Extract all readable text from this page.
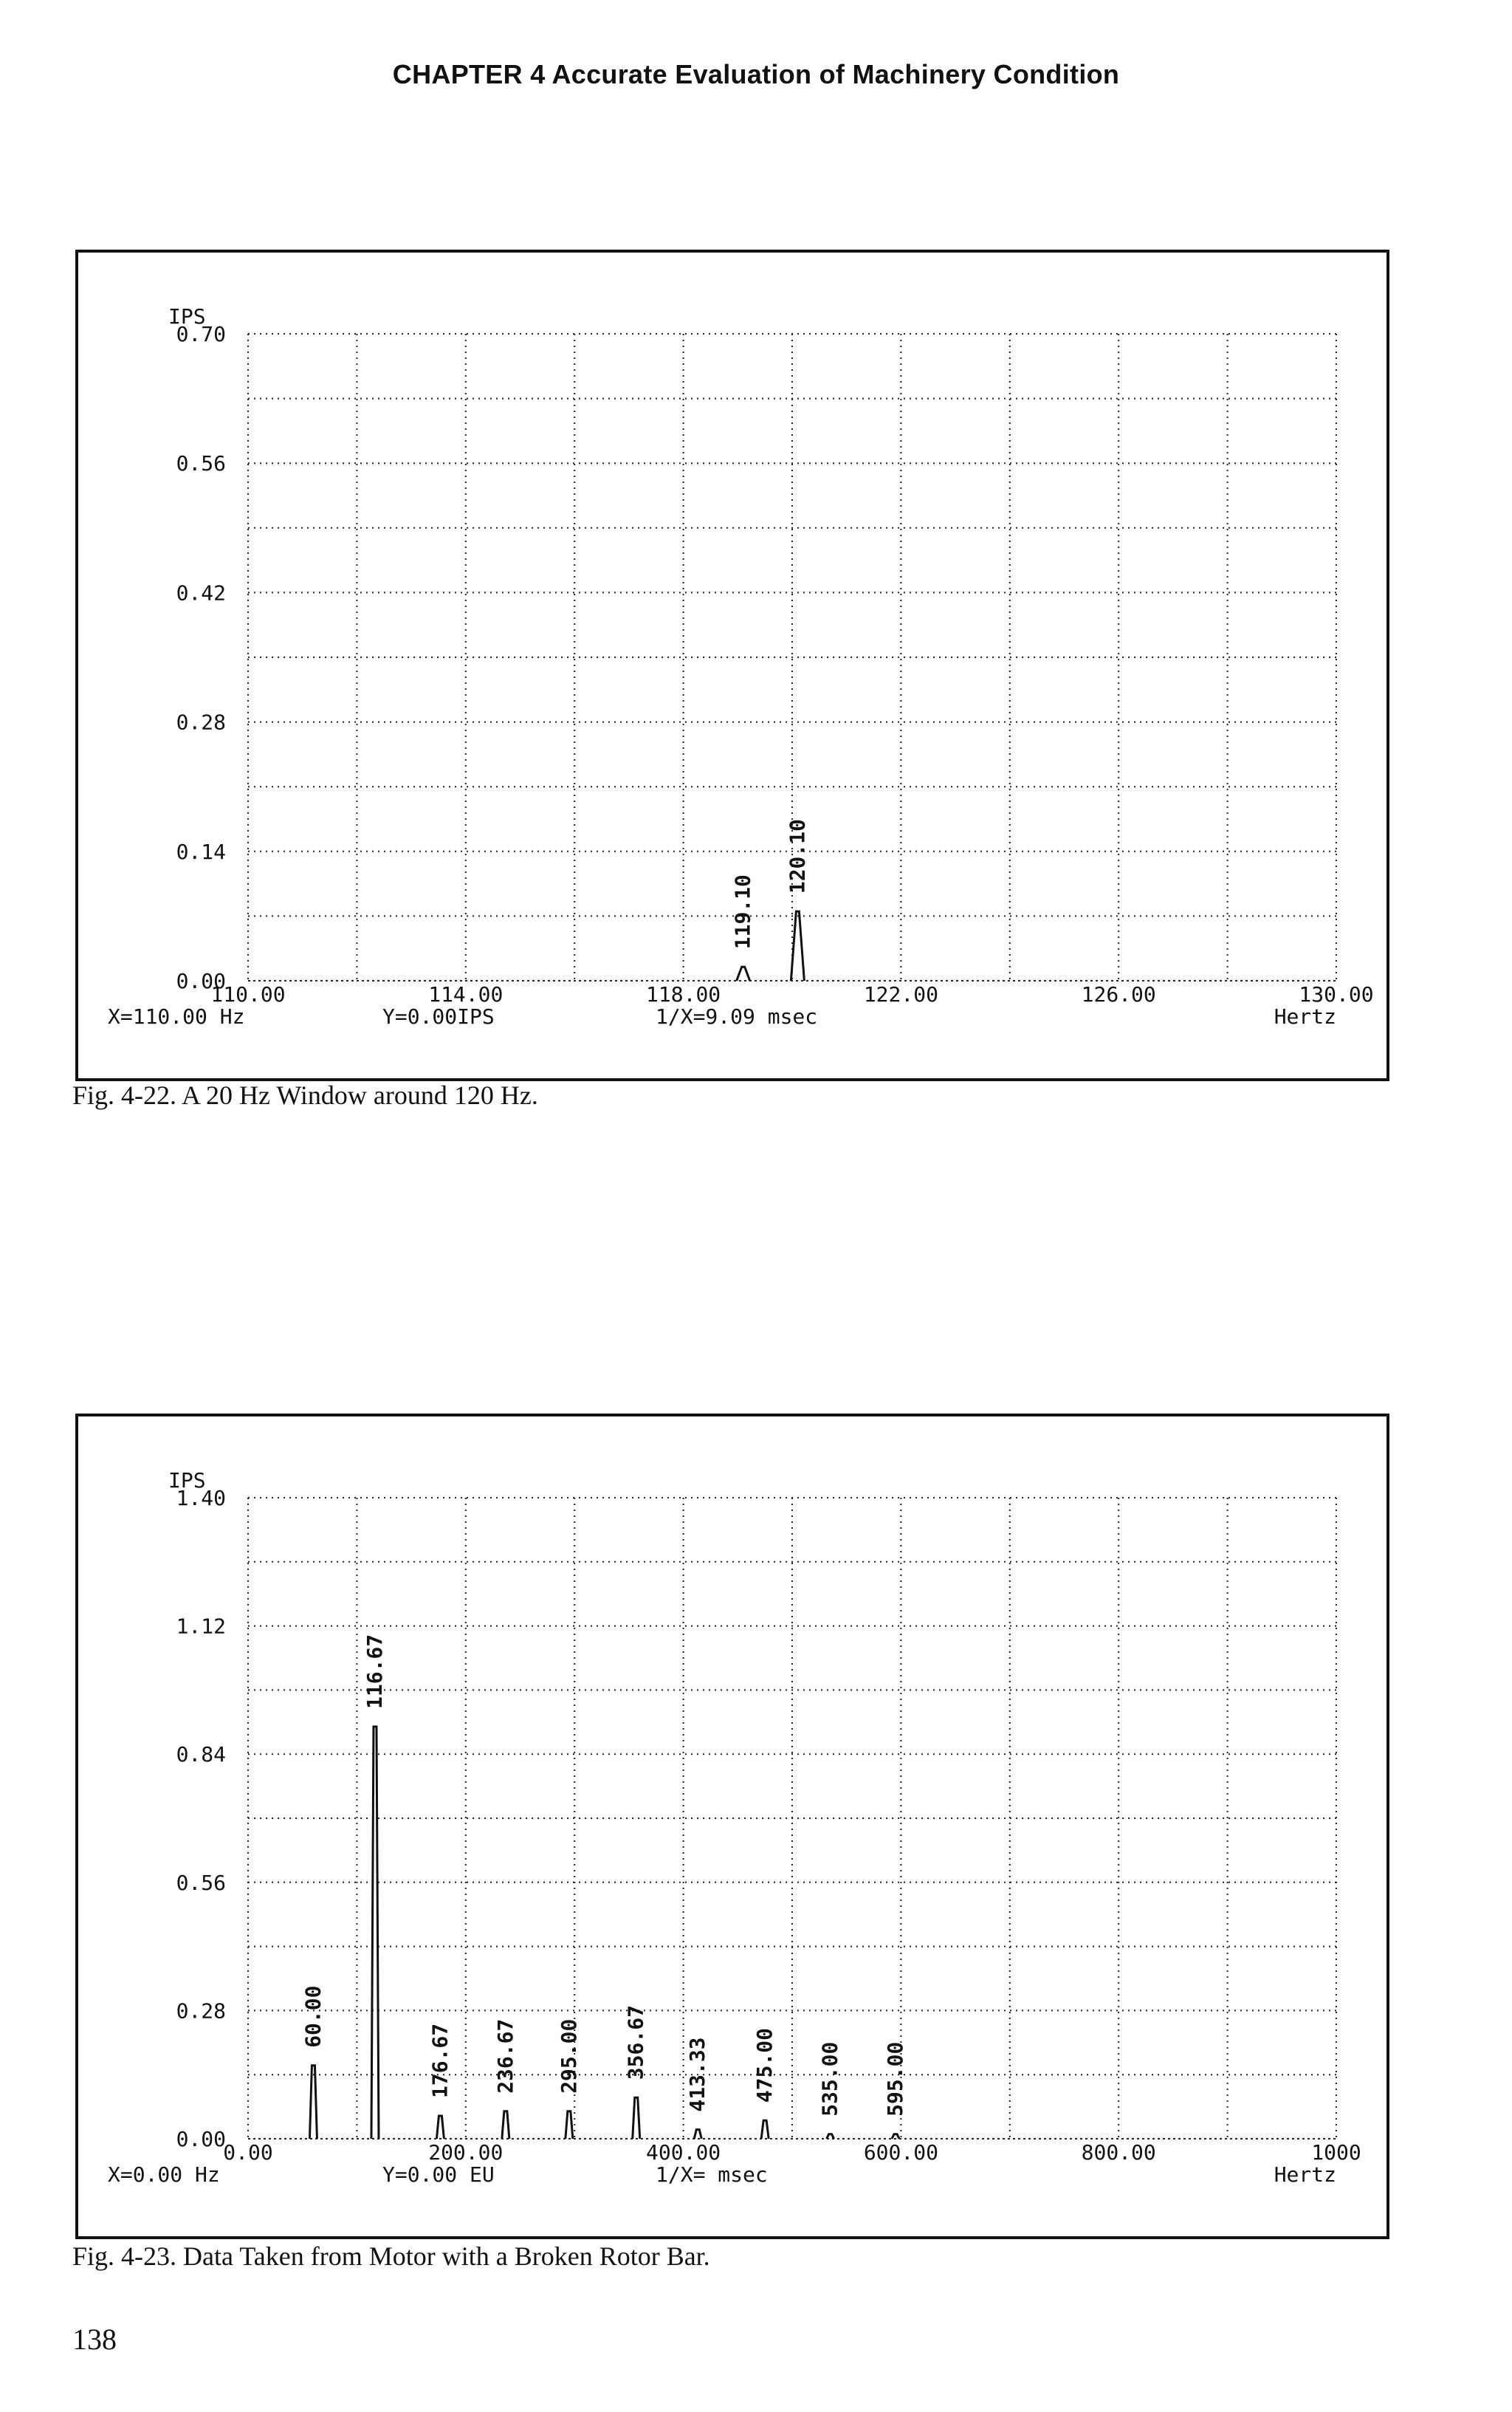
CHAPTER 4 Accurate Evaluation of Machinery Condition
IPS
0.70
0.56
0.42
0.28
0.14
0.00
110.00	114.00	118.00	122.00	126.00	130.00
X=110.00 Hz	Y=0.00IPS	1/X=9.09 msec	Hertz
119.10
120.10
Fig. 4-22. A 20 Hz Window around 120 Hz.
IPS
1.40
1.12
0.84
0.56
0.28
0.00
0.00	200.00	400.00	600.00	800.00	1000
X=0.00 Hz	Y=0.00 EU	1/X= msec	Hertz
60.00
116.67
176.67 236.67 295.00 356.67 413.33 475.00 535.00 595.00
Fig. 4-23. Data Taken from Motor with a Broken Rotor Bar.
138
